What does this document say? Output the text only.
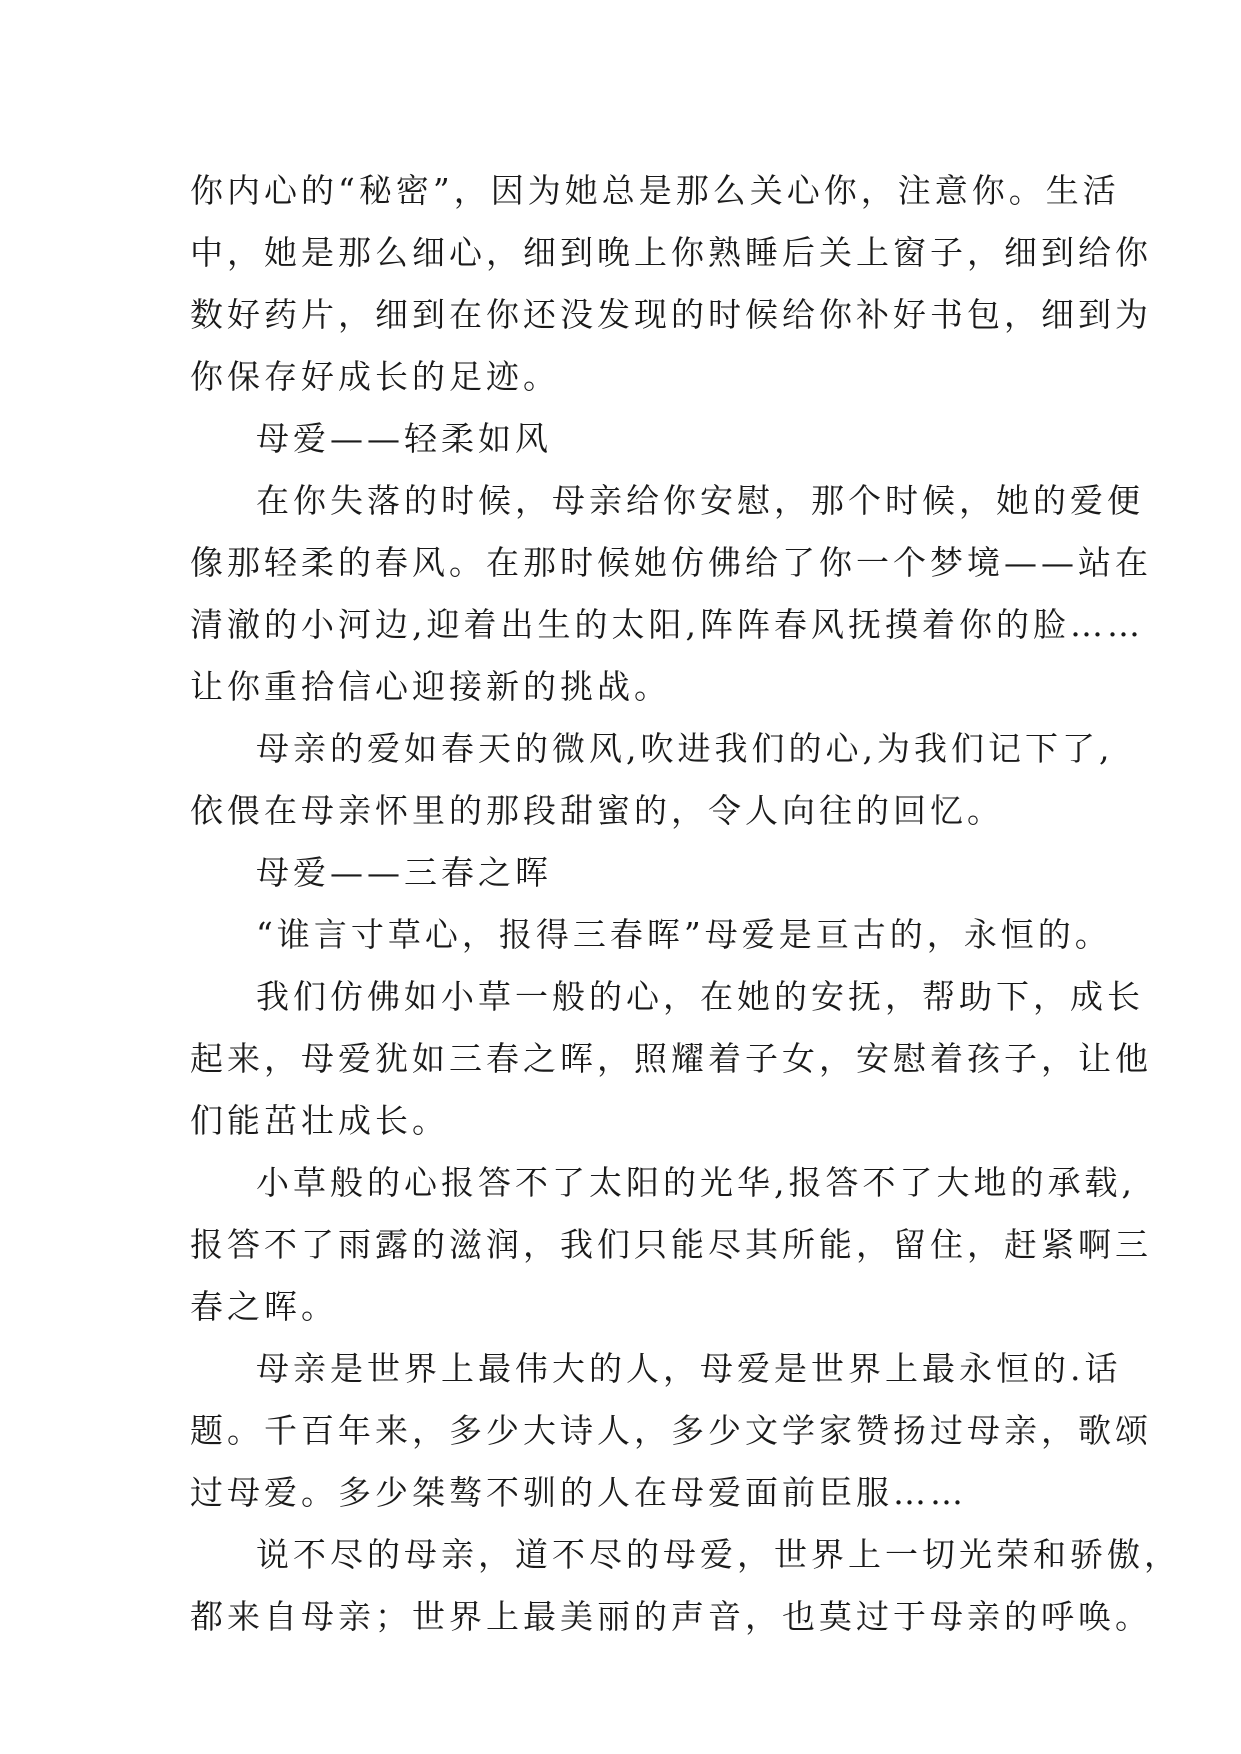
你内心的“秘密”，因为她总是那么关心你，注意你。生活
中，她是那么细心，细到晚上你熟睡后关上窗子，细到给你
数好药片，细到在你还没发现的时候给你补好书包，细到为
你保存好成长的足迹。
母爱——轻柔如风
在你失落的时候，母亲给你安慰，那个时候，她的爱便
像那轻柔的春风。在那时候她仿佛给了你一个梦境——站在
清澈的小河边,迎着出生的太阳,阵阵春风抚摸着你的脸……
让你重拾信心迎接新的挑战。
母亲的爱如春天的微风,吹进我们的心,为我们记下了,
依偎在母亲怀里的那段甜蜜的，令人向往的回忆。
母爱——三春之晖
“谁言寸草心，报得三春晖”母爱是亘古的，永恒的。
我们仿佛如小草一般的心，在她的安抚，帮助下，成长
起来，母爱犹如三春之晖，照耀着子女，安慰着孩子，让他
们能茁壮成长。
小草般的心报答不了太阳的光华,报答不了大地的承载,
报答不了雨露的滋润，我们只能尽其所能，留住，赶紧啊三
春之晖。
母亲是世界上最伟大的人，母爱是世界上最永恒的.话
题。千百年来，多少大诗人，多少文学家赞扬过母亲，歌颂
过母爱。多少桀骜不驯的人在母爱面前臣服……
说不尽的母亲，道不尽的母爱，世界上一切光荣和骄傲，
都来自母亲；世界上最美丽的声音，也莫过于母亲的呼唤。
